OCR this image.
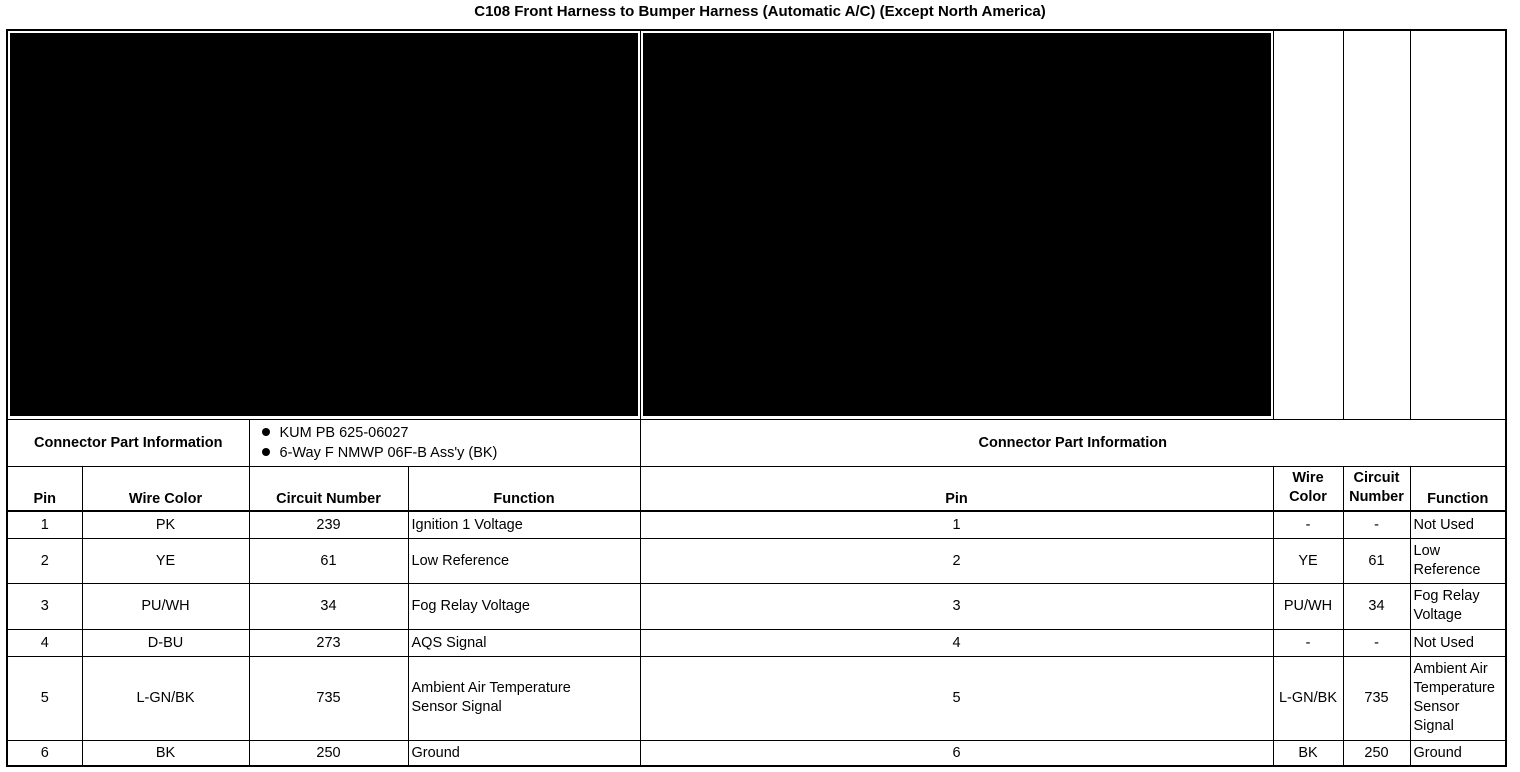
C108 Front Harness to Bumper Harness (Automatic A/C) (Except North America)

Connector Part Information		KUM PB 625-06027
6-Way F NMWP 06F-B Ass'y (BK)		Connector Part Information			
Pin	Wire Color	Circuit Number	Function	Pin	Wire
Color	Circuit
Number	Function
1	PK	239	Ignition 1 Voltage	1	-	-	Not Used
2	YE	61	Low Reference	2	YE	61	Low
Reference
3	PU/WH	34	Fog Relay Voltage	3	PU/WH	34	Fog Relay
Voltage
4	D-BU	273	AQS Signal	4	-	-	Not Used
5	L-GN/BK	735	Ambient Air Temperature
Sensor Signal	5	L-GN/BK	735	Ambient Air
Temperature
Sensor
Signal
6	BK	250	Ground	6	BK	250	Ground
